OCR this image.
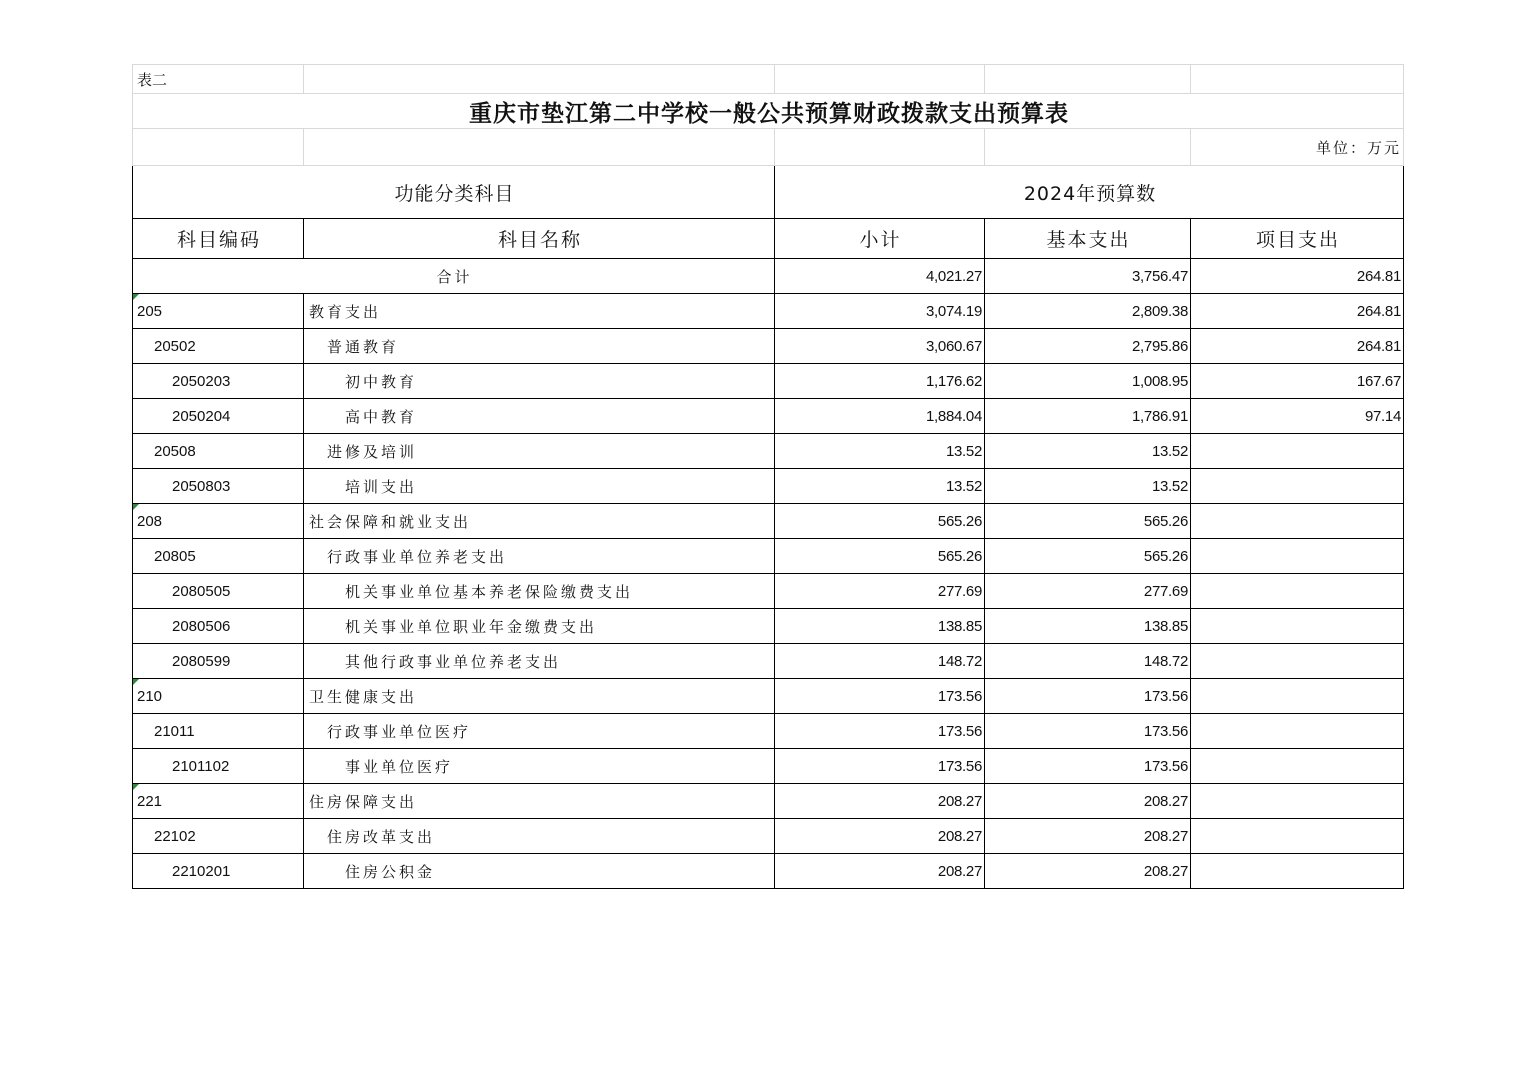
表二				
重庆市垫江第二中学校一般公共预算财政拨款支出预算表				
				单位：万元
功能分类科目		2024年预算数		
科目编码	科目名称	小计	基本支出	项目支出
合计		4,021.27	3,756.47	264.81

205	教育支出	3,074.19	2,809.38	264.81
20502	普通教育	3,060.67	2,795.86	264.81
2050203	初中教育	1,176.62	1,008.95	167.67
2050204	高中教育	1,884.04	1,786.91	97.14
20508	进修及培训	13.52	13.52	
2050803	培训支出	13.52	13.52	

208	社会保障和就业支出	565.26	565.26	
20805	行政事业单位养老支出	565.26	565.26	
2080505	机关事业单位基本养老保险缴费支出	277.69	277.69	
2080506	机关事业单位职业年金缴费支出	138.85	138.85	
2080599	其他行政事业单位养老支出	148.72	148.72	

210	卫生健康支出	173.56	173.56	
21011	行政事业单位医疗	173.56	173.56	
2101102	事业单位医疗	173.56	173.56	

221	住房保障支出	208.27	208.27	
22102	住房改革支出	208.27	208.27	
2210201	住房公积金	208.27	208.27	
